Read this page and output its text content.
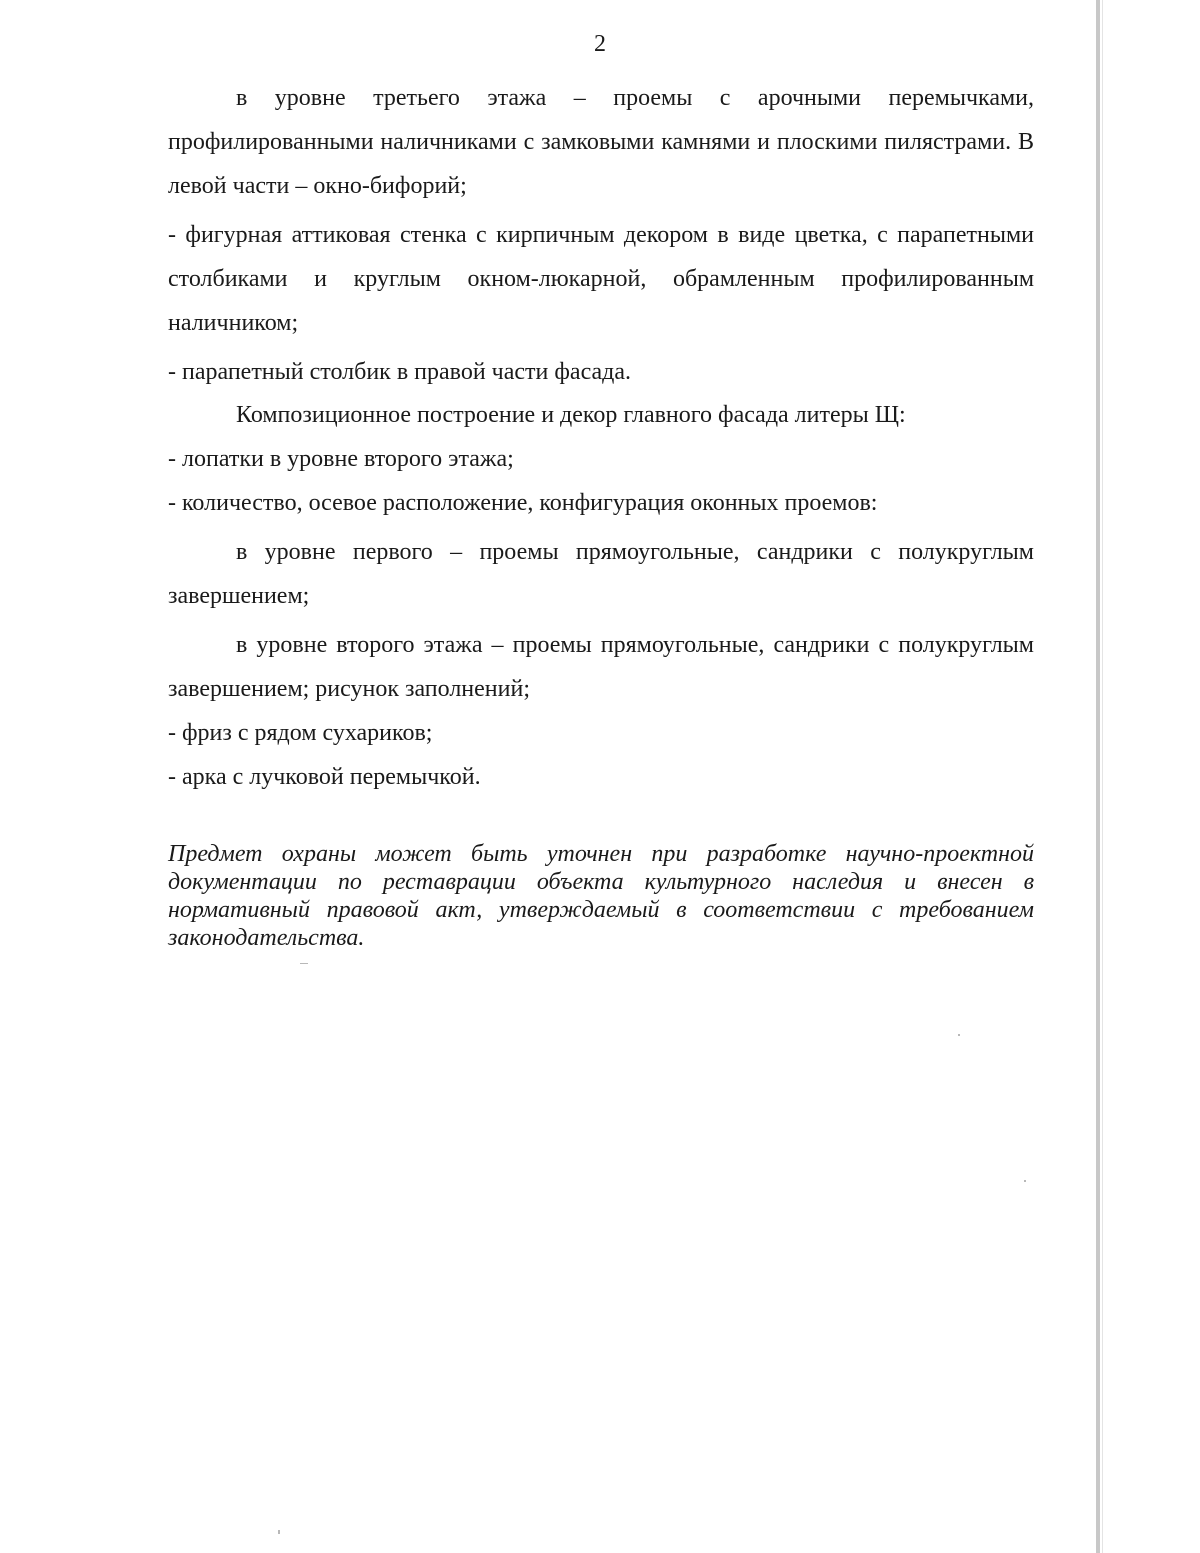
2

в уровне третьего этажа – проемы с арочными перемычками, профилированными наличниками с замковыми камнями и плоскими пилястрами. В левой части – окно-бифорий;

- фигурная аттиковая стенка с кирпичным декором в виде цветка, с парапетными столбиками и круглым окном-люкарной, обрамленным профилированным наличником;

- парапетный столбик в правой части фасада.

Композиционное построение и декор главного фасада литеры Щ:

- лопатки в уровне второго этажа;

- количество, осевое расположение, конфигурация оконных проемов:

в уровне первого – проемы прямоугольные, сандрики с полукруглым завершением;

в уровне второго этажа – проемы прямоугольные, сандрики с полукруглым завершением; рисунок заполнений;

- фриз с рядом сухариков;

- арка с лучковой перемычкой.

Предмет охраны может быть уточнен при разработке научно-проектной документации по реставрации объекта культурного наследия и внесен в нормативный правовой акт, утверждаемый в соответствии с требованием законодательства.
